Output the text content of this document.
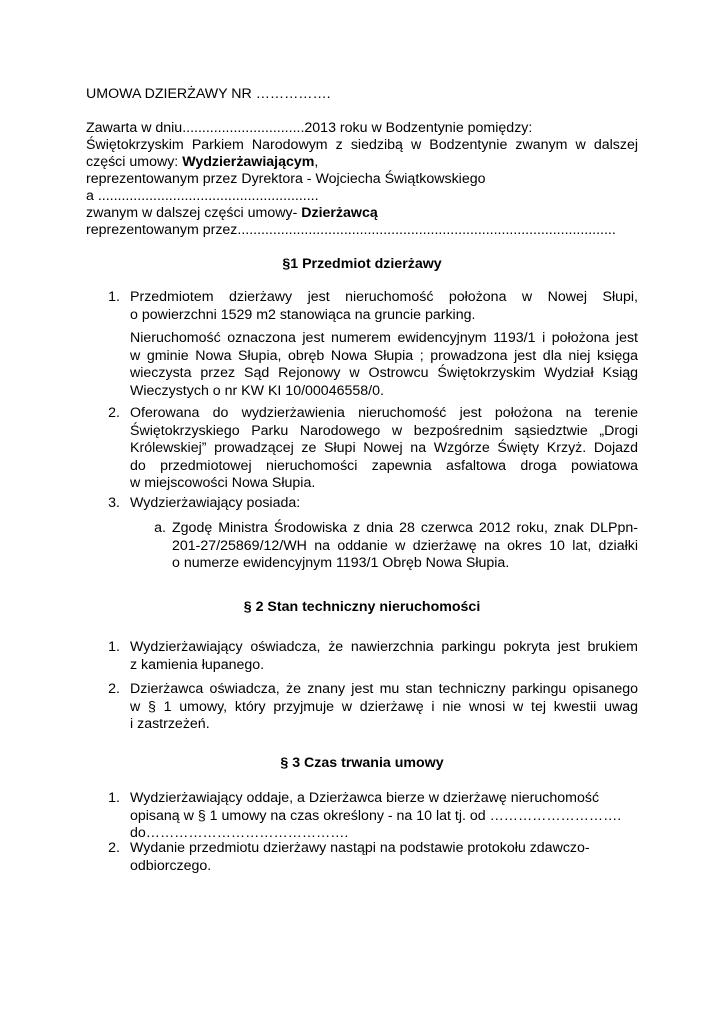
UMOWA DZIERŻAWY NR …………….
Zawarta w dniu...............................2013 roku w Bodzentynie pomiędzy:
Świętokrzyskim Parkiem Narodowym z siedzibą w Bodzentynie zwanym w dalszej
części umowy: Wydzierżawiającym,
reprezentowanym przez Dyrektora - Wojciecha Świątkowskiego
a ........................................................
zwanym w dalszej części umowy- Dzierżawcą
reprezentowanym przez................................................................................................
§1 Przedmiot dzierżawy
1. Przedmiotem dzierżawy jest nieruchomość położona w Nowej Słupi,
o powierzchni 1529 m2 stanowiąca na gruncie parking.
Nieruchomość oznaczona jest numerem ewidencyjnym 1193/1 i położona jest
w gminie Nowa Słupia, obręb Nowa Słupia ; prowadzona jest dla niej księga
wieczysta przez Sąd Rejonowy w Ostrowcu Świętokrzyskim Wydział Ksiąg
Wieczystych o nr KW KI 10/00046558/0.
2. Oferowana do wydzierżawienia nieruchomość jest położona na terenie
Świętokrzyskiego Parku Narodowego w bezpośrednim sąsiedztwie „Drogi
Królewskiej” prowadzącej ze Słupi Nowej na Wzgórze Święty Krzyż. Dojazd
do przedmiotowej nieruchomości zapewnia asfaltowa droga powiatowa
w miejscowości Nowa Słupia.
3. Wydzierżawiający posiada:
a. Zgodę Ministra Środowiska z dnia 28 czerwca 2012 roku, znak DLPpn-
201-27/25869/12/WH na oddanie w dzierżawę na okres 10 lat, działki
o numerze ewidencyjnym 1193/1 Obręb Nowa Słupia.
§ 2 Stan techniczny nieruchomości
1. Wydzierżawiający oświadcza, że nawierzchnia parkingu pokryta jest brukiem
z kamienia łupanego.
2. Dzierżawca oświadcza, że znany jest mu stan techniczny parkingu opisanego
w § 1 umowy, który przyjmuje w dzierżawę i nie wnosi w tej kwestii uwag
i zastrzeżeń.
§ 3 Czas trwania umowy
1. Wydzierżawiający oddaje, a Dzierżawca bierze w dzierżawę nieruchomość
opisaną w § 1 umowy na czas określony - na 10 lat tj. od ……………………….
do…………………………………….
2. Wydanie przedmiotu dzierżawy nastąpi na podstawie protokołu zdawczo-
odbiorczego.
